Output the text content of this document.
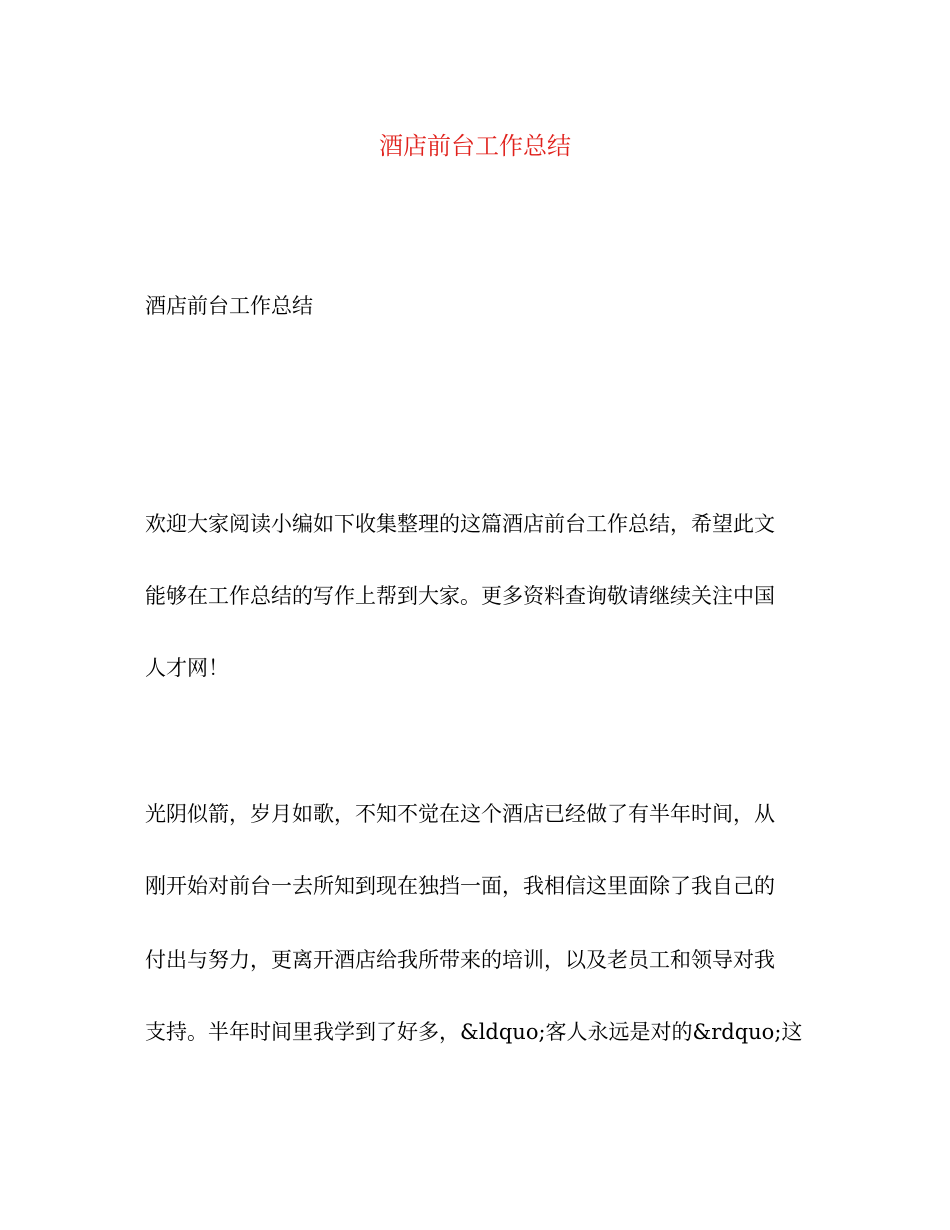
酒店前台工作总结

酒店前台工作总结

欢迎大家阅读小编如下收集整理的这篇酒店前台工作总结，希望此文

能够在工作总结的写作上帮到大家。更多资料查询敬请继续关注中国

人才网！

光阴似箭，岁月如歌，不知不觉在这个酒店已经做了有半年时间，从

刚开始对前台一去所知到现在独挡一面，我相信这里面除了我自己的

付出与努力，更离开酒店给我所带来的培训，以及老员工和领导对我

支持。半年时间里我学到了好多，&ldquo;客人永远是对的&rdquo;这
